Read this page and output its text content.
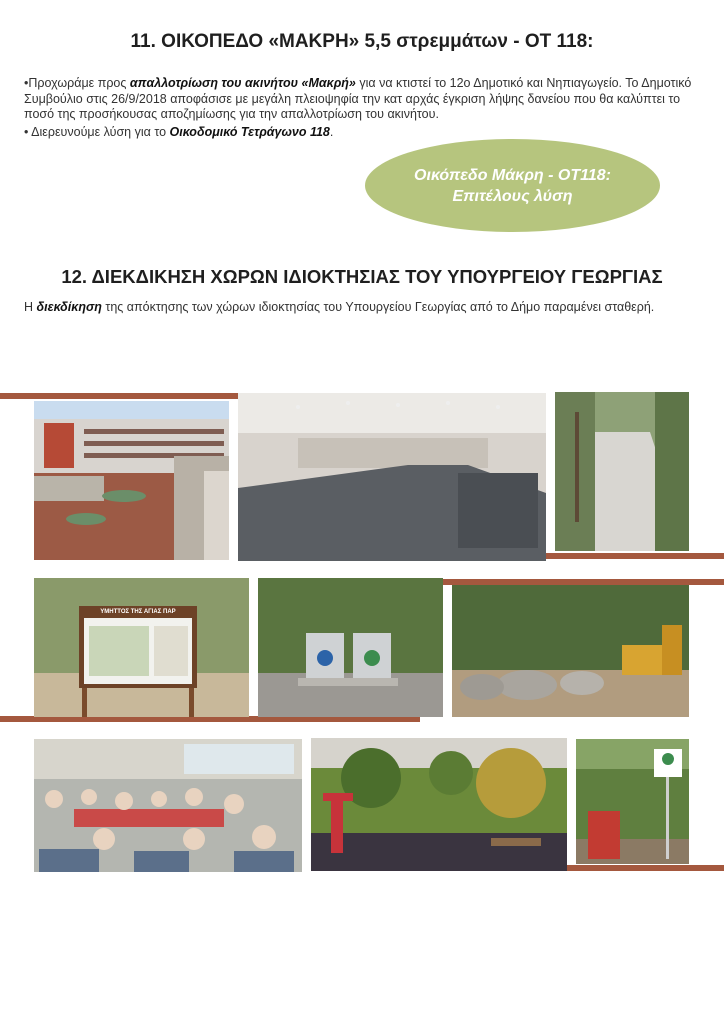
11. ΟΙΚΟΠΕΔΟ «ΜΑΚΡΗ» 5,5 στρεμμάτων - ΟΤ 118:
•Προχωράμε προς απαλλοτρίωση του ακινήτου «Μακρή» για να κτιστεί το 12ο Δημοτικό και Νηπιαγωγείο. Το Δημοτικό Συμβούλιο στις 26/9/2018 αποφάσισε με μεγάλη πλειοψηφία την κατ αρχάς έγκριση λήψης δανείου που θα καλύπτει το ποσό της προσήκουσας αποζημίωσης για την απαλλοτρίωση του ακινήτου.
• Διερευνούμε λύση για το Οικοδομικό Τετράγωνο 118.
Οικόπεδο Μάκρη - ΟΤ118:
Επιτέλους λύση
12. ΔΙΕΚΔΙΚΗΣΗ ΧΩΡΩΝ ΙΔΙΟΚΤΗΣΙΑΣ ΤΟΥ ΥΠΟΥΡΓΕΙΟΥ ΓΕΩΡΓΙΑΣ
Η διεκδίκηση της απόκτησης των χώρων ιδιοκτησίας του Υπουργείου Γεωργίας από το Δήμο παραμένει σταθερή.
ΥΜΗΤΤΟΣ ΤΗΣ ΑΓΙΑΣ ΠΑΡ
